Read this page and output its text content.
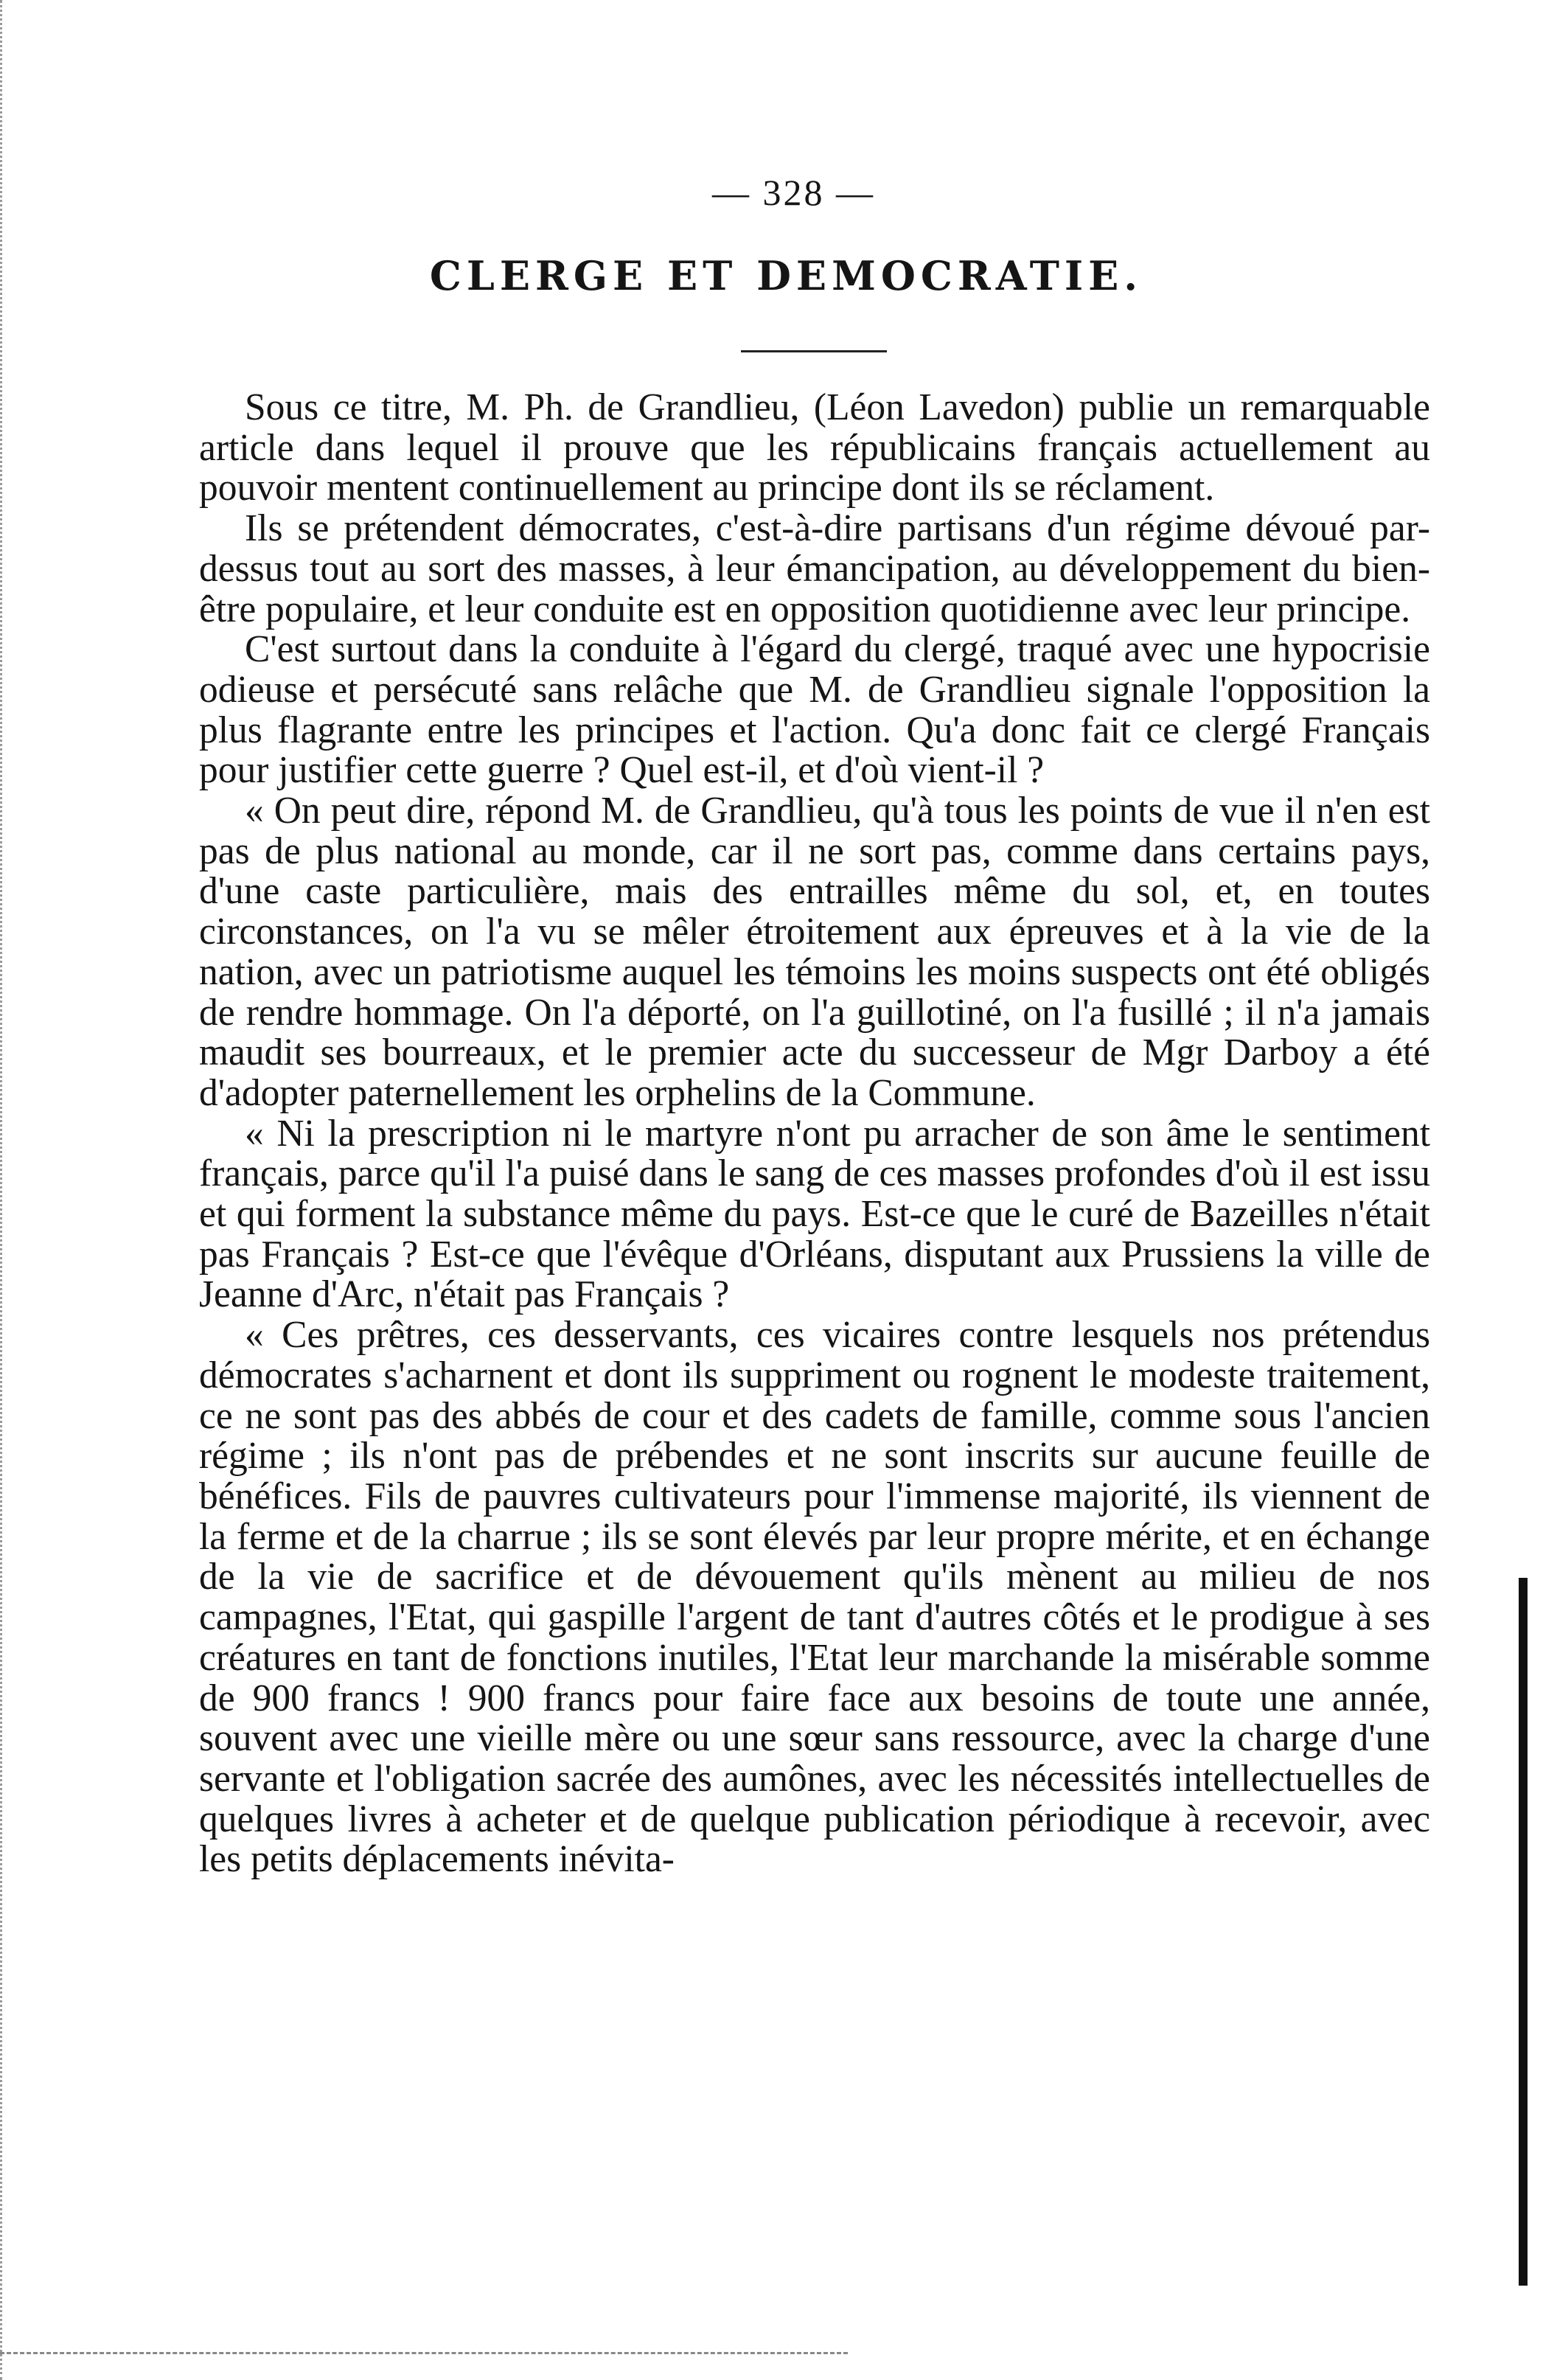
— 328 —
CLERGE ET DEMOCRATIE.

Sous ce titre, M. Ph. de Grandlieu, (Léon Lavedon) publie un remarquable article dans lequel il prouve que les républicains français actuellement au pouvoir mentent continuellement au principe dont ils se réclament.

Ils se prétendent démocrates, c'est-à-dire partisans d'un régime dévoué par-dessus tout au sort des masses, à leur émancipation, au développement du bien-être populaire, et leur conduite est en opposition quotidienne avec leur principe.

C'est surtout dans la conduite à l'égard du clergé, traqué avec une hypocrisie odieuse et persécuté sans relâche que M. de Grandlieu signale l'opposition la plus flagrante entre les principes et l'action. Qu'a donc fait ce clergé Français pour justifier cette guerre ? Quel est-il, et d'où vient-il ?

« On peut dire, répond M. de Grandlieu, qu'à tous les points de vue il n'en est pas de plus national au monde, car il ne sort pas, comme dans certains pays, d'une caste particulière, mais des entrailles même du sol, et, en toutes circonstances, on l'a vu se mêler étroitement aux épreuves et à la vie de la nation, avec un patriotisme auquel les témoins les moins suspects ont été obligés de rendre hommage. On l'a déporté, on l'a guillotiné, on l'a fusillé ; il n'a jamais maudit ses bourreaux, et le premier acte du successeur de Mgr Darboy a été d'adopter paternellement les orphelins de la Commune.

« Ni la prescription ni le martyre n'ont pu arracher de son âme le sentiment français, parce qu'il l'a puisé dans le sang de ces masses profondes d'où il est issu et qui forment la substance même du pays. Est-ce que le curé de Bazeilles n'était pas Français ? Est-ce que l'évêque d'Orléans, disputant aux Prussiens la ville de Jeanne d'Arc, n'était pas Français ?

« Ces prêtres, ces desservants, ces vicaires contre lesquels nos prétendus démocrates s'acharnent et dont ils suppriment ou rognent le modeste traitement, ce ne sont pas des abbés de cour et des cadets de famille, comme sous l'ancien régime ; ils n'ont pas de prébendes et ne sont inscrits sur aucune feuille de bénéfices. Fils de pauvres cultivateurs pour l'immense majorité, ils viennent de la ferme et de la charrue ; ils se sont élevés par leur propre mérite, et en échange de la vie de sacrifice et de dévouement qu'ils mènent au milieu de nos campagnes, l'Etat, qui gaspille l'argent de tant d'autres côtés et le prodigue à ses créatures en tant de fonctions inutiles, l'Etat leur marchande la misérable somme de 900 francs ! 900 francs pour faire face aux besoins de toute une année, souvent avec une vieille mère ou une sœur sans ressource, avec la charge d'une servante et l'obligation sacrée des aumônes, avec les nécessités intellectuelles de quelques livres à acheter et de quelque publication périodique à recevoir, avec les petits déplacements inévita-
